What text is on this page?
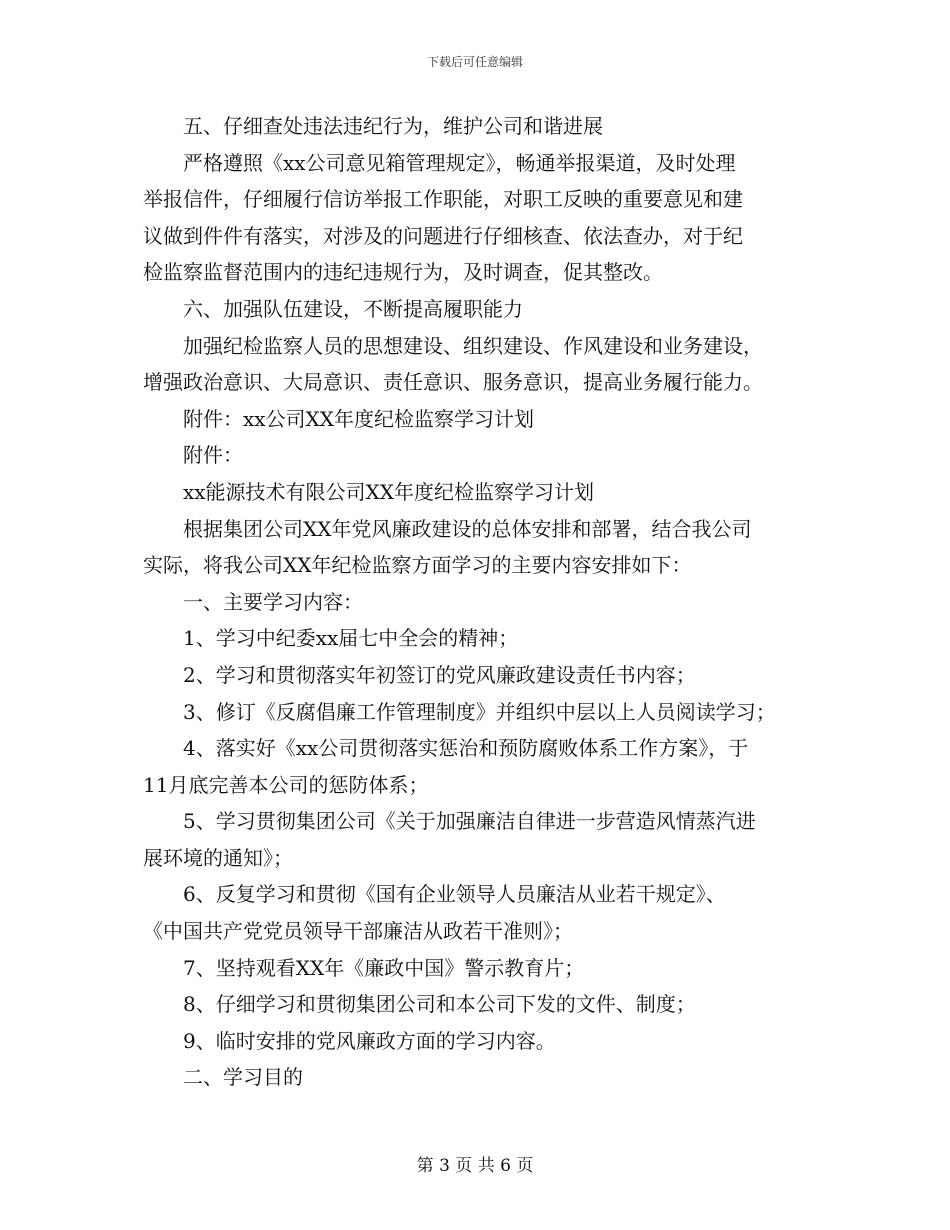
下载后可任意编辑

五、仔细查处违法违纪行为，维护公司和谐进展

严格遵照《xx公司意见箱管理规定》，畅通举报渠道，及时处理

举报信件，仔细履行信访举报工作职能，对职工反映的重要意见和建

议做到件件有落实，对涉及的问题进行仔细核查、依法查办，对于纪

检监察监督范围内的违纪违规行为，及时调查，促其整改。

六、加强队伍建设，不断提高履职能力

加强纪检监察人员的思想建设、组织建设、作风建设和业务建设，

增强政治意识、大局意识、责任意识、服务意识，提高业务履行能力。

附件：xx公司XX年度纪检监察学习计划

附件：

xx能源技术有限公司XX年度纪检监察学习计划

根据集团公司XX年党风廉政建设的总体安排和部署，结合我公司

实际，将我公司XX年纪检监察方面学习的主要内容安排如下：

一、主要学习内容：

1、学习中纪委xx届七中全会的精神；

2、学习和贯彻落实年初签订的党风廉政建设责任书内容；

3、修订《反腐倡廉工作管理制度》并组织中层以上人员阅读学习；

4、落实好《xx公司贯彻落实惩治和预防腐败体系工作方案》，于

11月底完善本公司的惩防体系；

5、学习贯彻集团公司《关于加强廉洁自律进一步营造风情蒸汽进

展环境的通知》；

6、反复学习和贯彻《国有企业领导人员廉洁从业若干规定》、

《中国共产党党员领导干部廉洁从政若干准则》；

7、坚持观看XX年《廉政中国》警示教育片；

8、仔细学习和贯彻集团公司和本公司下发的文件、制度；

9、临时安排的党风廉政方面的学习内容。

二、学习目的

第 3 页 共 6 页
